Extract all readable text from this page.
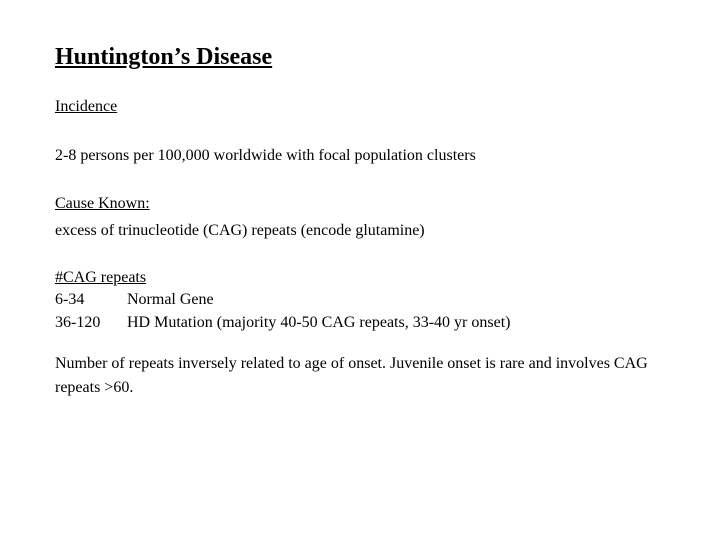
Huntington’s Disease
Incidence
2-8 persons per 100,000 worldwide with focal population clusters
Cause Known:
excess of trinucleotide (CAG) repeats (encode glutamine)
#CAG repeats
6-34	Normal Gene
36-120 HD Mutation (majority 40-50 CAG repeats, 33-40 yr onset)
Number of repeats inversely related to age of onset. Juvenile onset is rare and involves CAG repeats >60.
